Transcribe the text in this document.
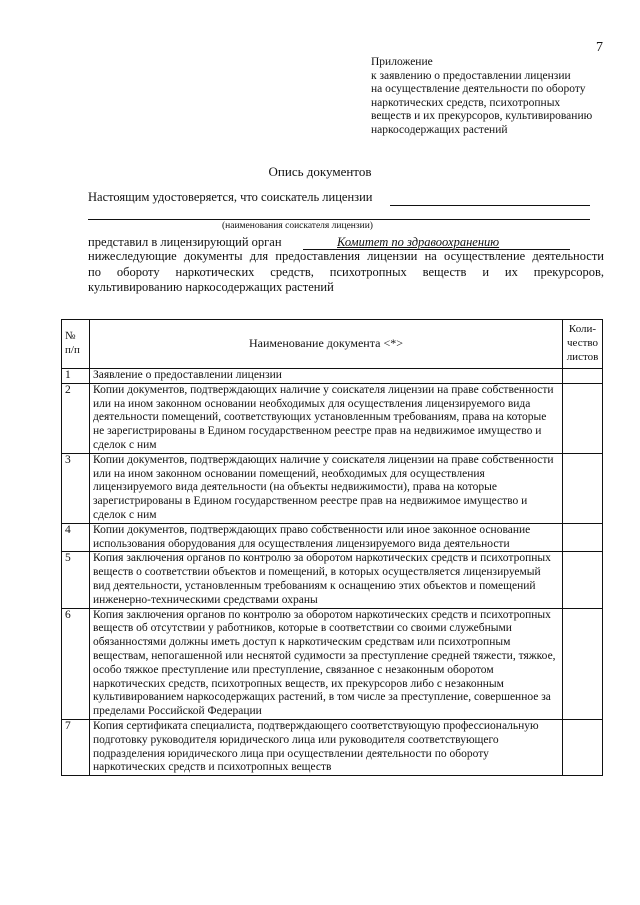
7
Приложение
к заявлению о предоставлении лицензии
на осуществление деятельности по обороту
наркотических средств, психотропных
веществ и их прекурсоров, культивированию
наркосодержащих растений
Опись документов
Настоящим удостоверяется, что соискатель лицензии
(наименования соискателя лицензии)
представил в лицензирующий орган	Комитет по здравоохранению
нижеследующие документы для предоставления лицензии на осуществление деятельности
по обороту наркотических средств, психотропных веществ и их прекурсоров,
культивированию наркосодержащих растений
№ п/п	Наименование документа <*>	Коли-чество листов
1	Заявление о предоставлении лицензии	
2	Копии документов, подтверждающих наличие у соискателя лицензии на праве собственности или на ином законном основании необходимых для осуществления лицензируемого вида деятельности помещений, соответствующих установленным требованиям, права на которые не зарегистрированы в Едином государственном реестре прав на недвижимое имущество и сделок с ним	
3	Копии документов, подтверждающих наличие у соискателя лицензии на праве собственности или на ином законном основании помещений, необходимых для осуществления лицензируемого вида деятельности (на объекты недвижимости), права на которые зарегистрированы в Едином государственном реестре прав на недвижимое имущество и сделок с ним	
4	Копии документов, подтверждающих право собственности или иное законное основание использования оборудования для осуществления лицензируемого вида деятельности	
5	Копия заключения органов по контролю за оборотом наркотических средств и психотропных веществ о соответствии объектов и помещений, в которых осуществляется лицензируемый вид деятельности, установленным требованиям к оснащению этих объектов и помещений инженерно-техническими средствами охраны	
6	Копия заключения органов по контролю за оборотом наркотических средств и психотропных веществ об отсутствии у работников, которые в соответствии со своими служебными обязанностями должны иметь доступ к наркотическим средствам или психотропным веществам, непогашенной или неснятой судимости за преступление средней тяжести, тяжкое, особо тяжкое преступление или преступление, связанное с незаконным оборотом наркотических средств, психотропных веществ, их прекурсоров либо с незаконным культивированием наркосодержащих растений, в том числе за преступление, совершенное за пределами Российской Федерации	
7	Копия сертификата специалиста, подтверждающего соответствующую профессиональную подготовку руководителя юридического лица или руководителя соответствующего подразделения юридического лица при осуществлении деятельности по обороту наркотических средств и психотропных веществ	
